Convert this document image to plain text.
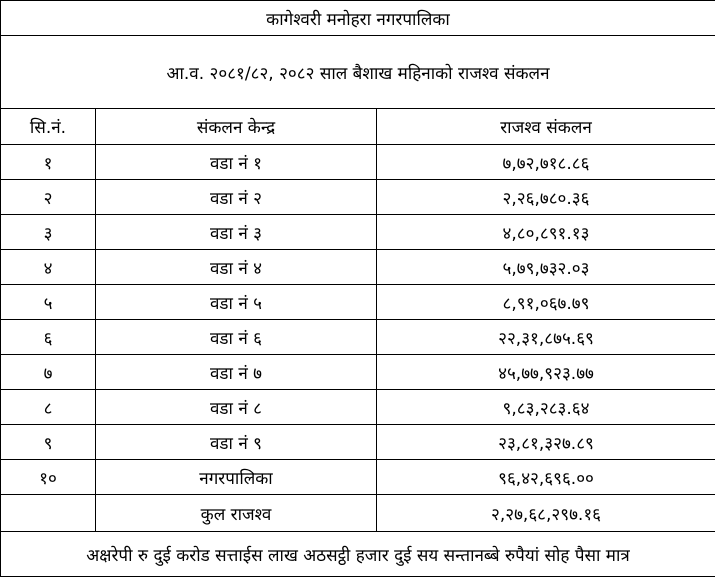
कागेश्वरी मनोहरा नगरपालिका		
आ.व. २०८१/८२, २०८२ साल बैशाख महिनाको राजश्व संकलन		
सि.नं.	संकलन केन्द्र	राजश्व संकलन
१	वडा नं १	७,७२,७१८.८६
२	वडा नं २	२,२६,७८०.३६
३	वडा नं ३	४,८०,८९१.१३
४	वडा नं ४	५,७९,७३२.०३
५	वडा नं ५	८,९१,०६७.७९
६	वडा नं ६	२२,३१,८७५.६९
७	वडा नं ७	४५,७७,९२३.७७
८	वडा नं ८	९,८३,२८३.६४
९	वडा नं ९	२३,८१,३२७.८९
१०	नगरपालिका	९६,४२,६९६.००
	कुल राजश्व	२,२७,६८,२९७.१६
अक्षरेपी रु दुई करोड सत्ताईस लाख अठसट्ठी हजार दुई सय सन्तानब्बे रुपैयां सोह पैसा मात्र		
